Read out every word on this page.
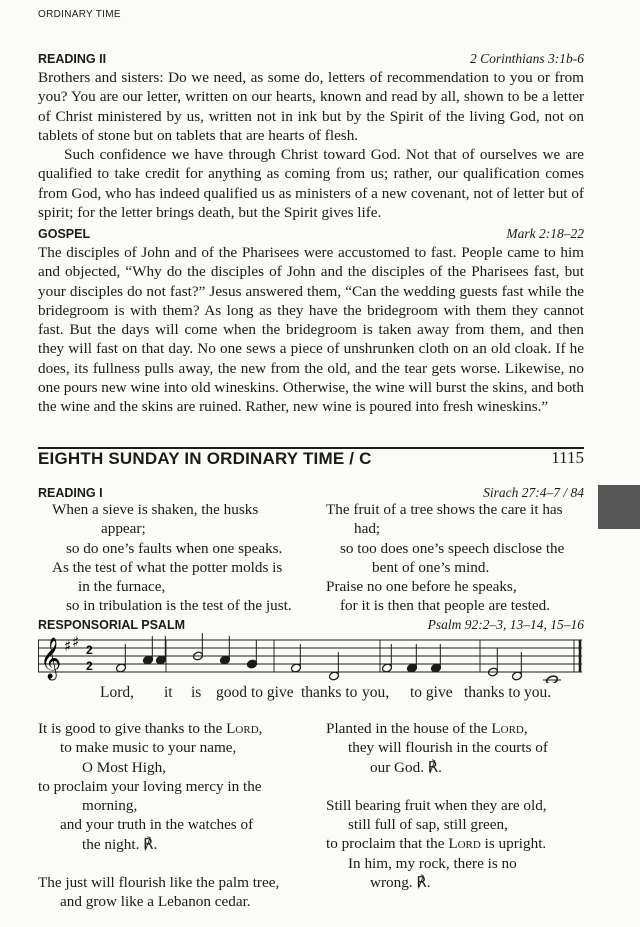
ORDINARY TIME
READING II	2 Corinthians 3:1b-6

Brothers and sisters: Do we need, as some do, letters of recommendation to you or from you? You are our letter, written on our hearts, known and read by all, shown to be a letter of Christ ministered by us, written not in ink but by the Spirit of the living God, not on tablets of stone but on tablets that are hearts of flesh.

Such confidence we have through Christ toward God. Not that of ourselves we are qualified to take credit for anything as coming from us; rather, our qualification comes from God, who has indeed qualified us as ministers of a new covenant, not of letter but of spirit; for the letter brings death, but the Spirit gives life.

GOSPEL	Mark 2:18–22

The disciples of John and of the Pharisees were accustomed to fast. People came to him and objected, “Why do the disciples of John and the disciples of the Pharisees fast, but your disciples do not fast?” Jesus answered them, “Can the wedding guests fast while the bridegroom is with them? As long as they have the bridegroom with them they cannot fast. But the days will come when the bridegroom is taken away from them, and then they will fast on that day. No one sews a piece of unshrunken cloth on an old cloak. If he does, its fullness pulls away, the new from the old, and the tear gets worse. Likewise, no one pours new wine into old wineskins. Otherwise, the wine will burst the skins, and both the wine and the skins are ruined. Rather, new wine is poured into fresh wineskins.”

EIGHTH SUNDAY IN ORDINARY TIME / C	1115
READING I	Sirach 27:4–7 / 84
When a sieve is shaken, the husks
appear;
so do one’s faults when one speaks.
As the test of what the potter molds is
in the furnace,
so in tribulation is the test of the just.
The fruit of a tree shows the care it has
had;
so too does one’s speech disclose the
bent of one’s mind.
Praise no one before he speaks,
for it is then that people are tested.
RESPONSORIAL PSALM	Psalm 92:2–3, 13–14, 15–16
𝄞 ♯ ♯ 2
2
Lord, it is good to give thanks to you, to give thanks to you.
It is good to give thanks to the Lord,
to make music to your name,
O Most High,
to proclaim your loving mercy in the
morning,
and your truth in the watches of
the night. ℟.
The just will flourish like the palm tree,
and grow like a Lebanon cedar.
Planted in the house of the Lord,
they will flourish in the courts of
our God. ℟.
Still bearing fruit when they are old,
still full of sap, still green,
to proclaim that the Lord is upright.
In him, my rock, there is no
wrong. ℟.
